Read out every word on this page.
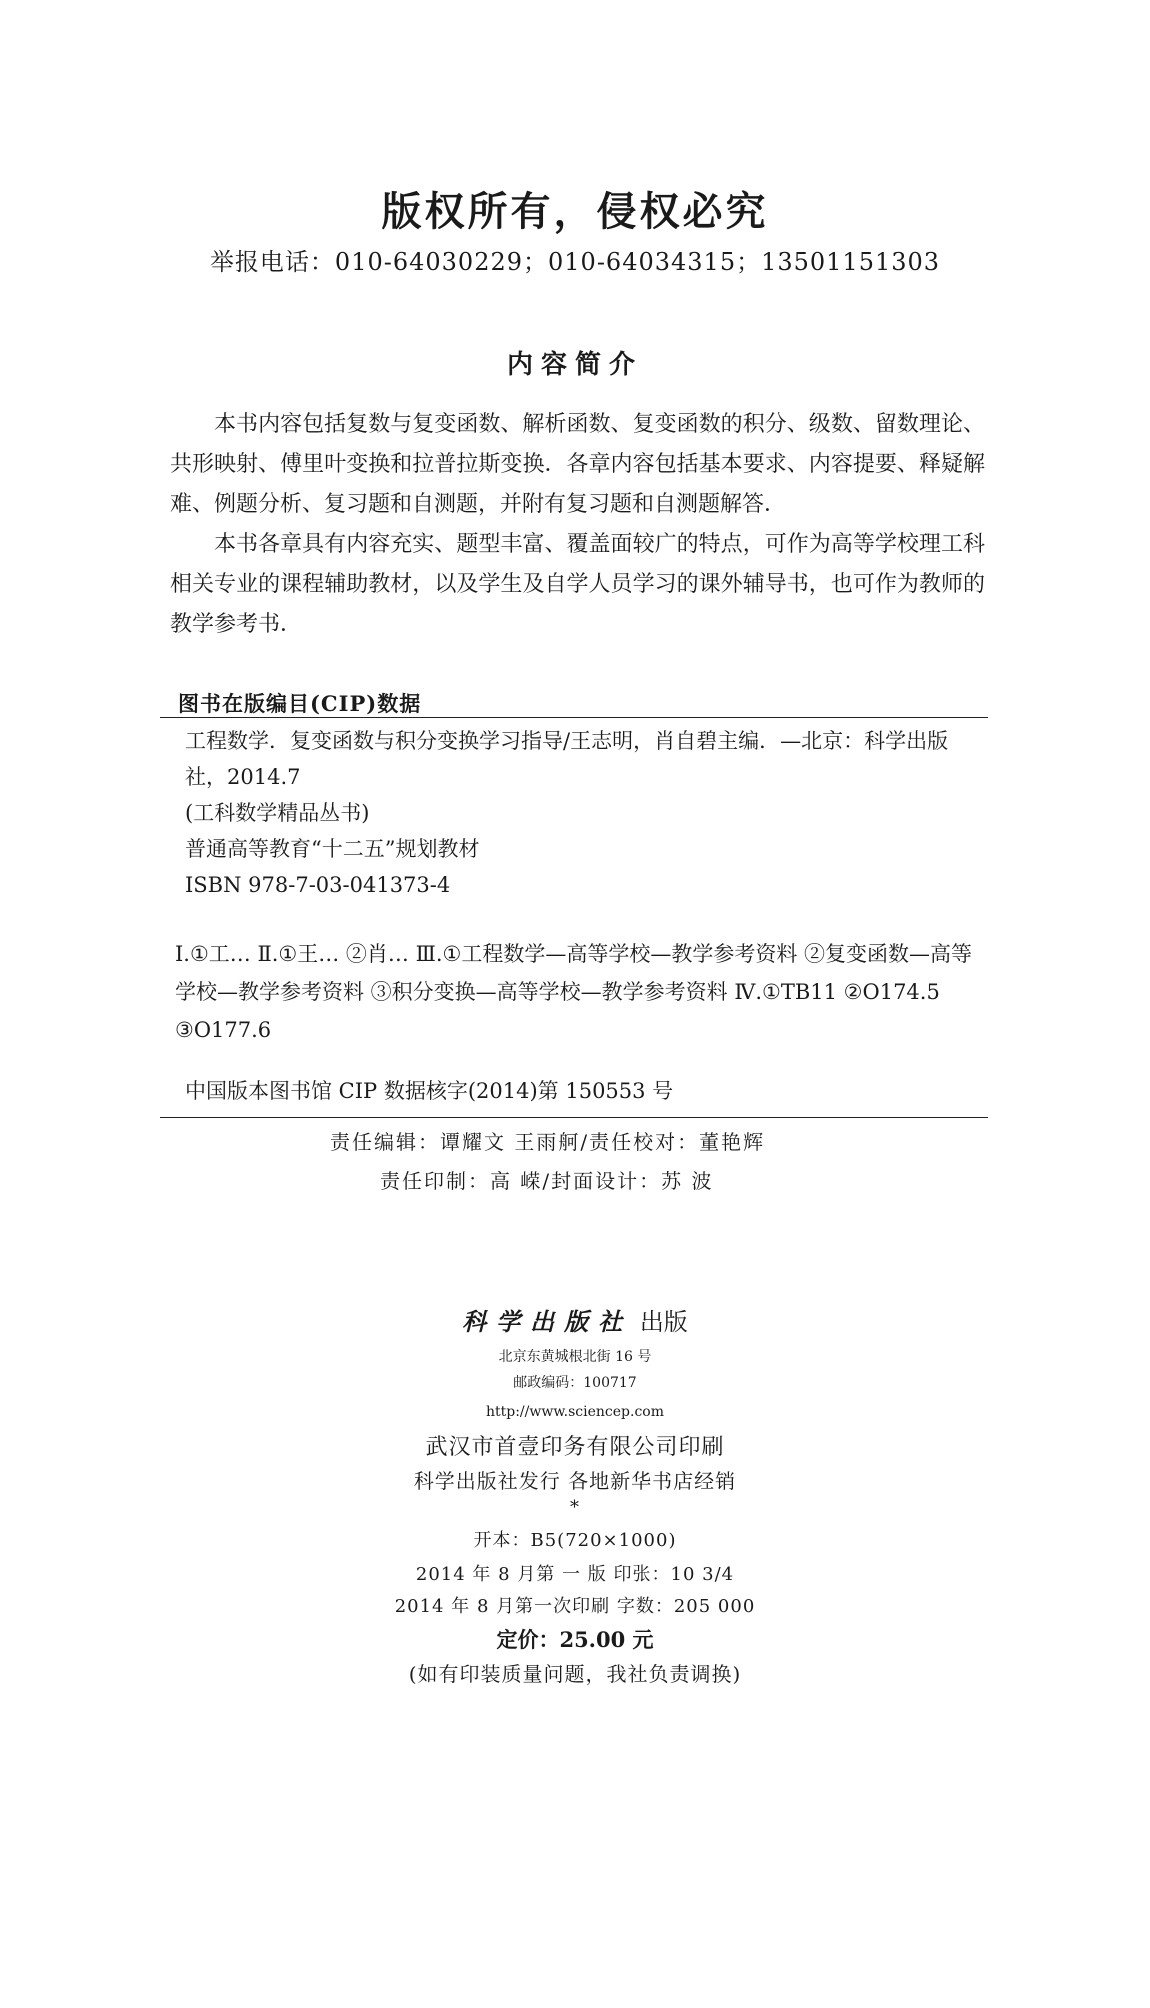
版权所有，侵权必究
举报电话：010-64030229；010-64034315；13501151303
内容简介

  本书内容包括复数与复变函数、解析函数、复变函数的积分、级数、留数理论、共形映射、傅里叶变换和拉普拉斯变换．各章内容包括基本要求、内容提要、释疑解难、例题分析、复习题和自测题，并附有复习题和自测题解答．

  本书各章具有内容充实、题型丰富、覆盖面较广的特点，可作为高等学校理工科相关专业的课程辅助教材，以及学生及自学人员学习的课外辅导书，也可作为教师的教学参考书．

图书在版编目(CIP)数据
工程数学．复变函数与积分变换学习指导/王志明，肖自碧主编．—北京：科学出版社，2014.7
(工科数学精品丛书)
普通高等教育“十二五”规划教材
ISBN 978-7-03-041373-4
Ⅰ.①工… Ⅱ.①王… ②肖… Ⅲ.①工程数学—高等学校—教学参考资料 ②复变函数—高等学校—教学参考资料 ③积分变换—高等学校—教学参考资料 Ⅳ.①TB11 ②O174.5 ③O177.6
中国版本图书馆 CIP 数据核字(2014)第 150553 号
责任编辑：谭耀文 王雨舸/责任校对：董艳辉
责任印制：高 嵘/封面设计：苏 波
科学出版社 出版
北京东黄城根北街 16 号
邮政编码：100717
http://www.sciencep.com
武汉市首壹印务有限公司印刷
科学出版社发行 各地新华书店经销
*
开本：B5(720×1000)
2014 年 8 月第 一 版 印张：10 3/4
2014 年 8 月第一次印刷 字数：205 000
定价：25.00 元
(如有印装质量问题，我社负责调换)
